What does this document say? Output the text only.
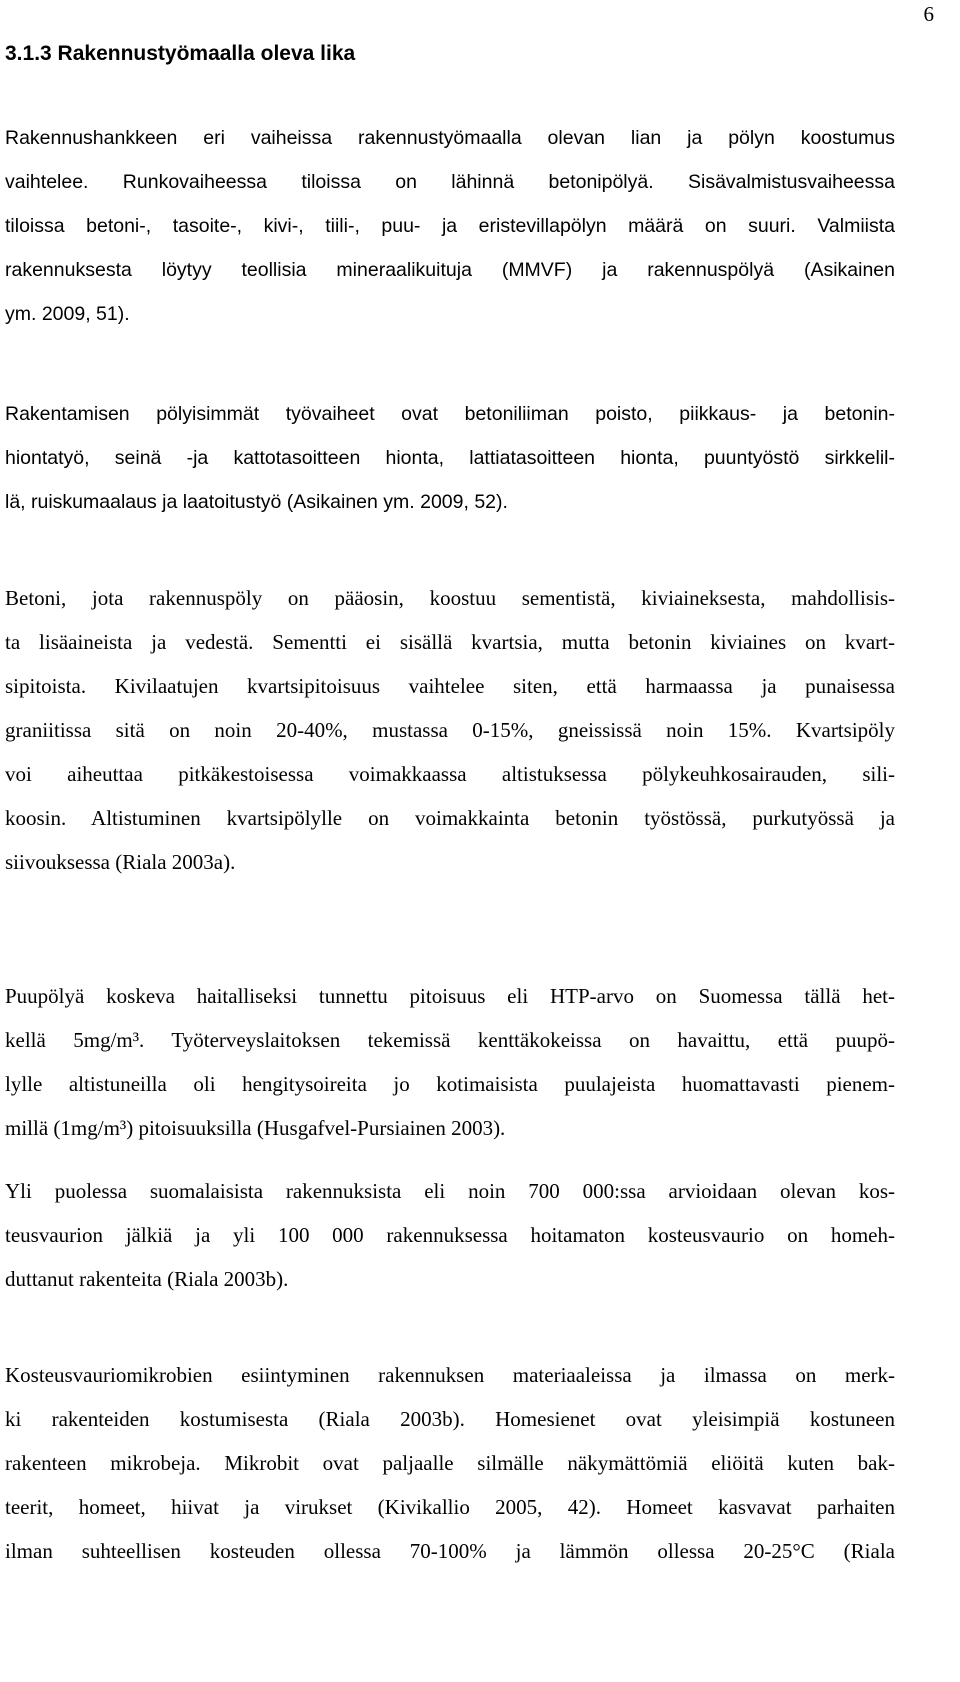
6
3.1.3 Rakennustyömaalla oleva lika

Rakennushankkeen eri vaiheissa rakennustyömaalla olevan lian ja pölyn koostumus
vaihtelee. Runkovaiheessa tiloissa on lähinnä betonipölyä. Sisävalmistusvaiheessa
tiloissa betoni-, tasoite-, kivi-, tiili-, puu- ja eristevillapölyn määrä on suuri. Valmiista
rakennuksesta löytyy teollisia mineraalikuituja (MMVF) ja rakennuspölyä (Asikainen
ym. 2009, 51).

Rakentamisen pölyisimmät työvaiheet ovat betoniliiman poisto, piikkaus- ja betonin-
hiontatyö, seinä -ja kattotasoitteen hionta, lattiatasoitteen hionta, puuntyöstö sirkkelil-
lä, ruiskumaalaus ja laatoitustyö (Asikainen ym. 2009, 52).

Betoni, jota rakennuspöly on pääosin, koostuu sementistä, kiviaineksesta, mahdollisis-
ta lisäaineista ja vedestä. Sementti ei sisällä kvartsia, mutta betonin kiviaines on kvart-
sipitoista. Kivilaatujen kvartsipitoisuus vaihtelee siten, että harmaassa ja punaisessa
graniitissa sitä on noin 20-40%, mustassa 0-15%, gneississä noin 15%. Kvartsipöly
voi aiheuttaa pitkäkestoisessa voimakkaassa altistuksessa pölykeuhkosairauden, sili-
koosin. Altistuminen kvartsipölylle on voimakkainta betonin työstössä, purkutyössä ja
siivouksessa (Riala 2003a).

Puupölyä koskeva haitalliseksi tunnettu pitoisuus eli HTP-arvo on Suomessa tällä het-
kellä 5mg/m³. Työterveyslaitoksen tekemissä kenttäkokeissa on havaittu, että puupö-
lylle altistuneilla oli hengitysoireita jo kotimaisista puulajeista huomattavasti pienem-
millä (1mg/m³) pitoisuuksilla (Husgafvel-Pursiainen 2003).

Yli puolessa suomalaisista rakennuksista eli noin 700 000:ssa arvioidaan olevan kos-
teusvaurion jälkiä ja yli 100 000 rakennuksessa hoitamaton kosteusvaurio on homeh-
duttanut rakenteita (Riala 2003b).

Kosteusvauriomikrobien esiintyminen rakennuksen materiaaleissa ja ilmassa on merk-
ki rakenteiden kostumisesta (Riala 2003b). Homesienet ovat yleisimpiä kostuneen
rakenteen mikrobeja. Mikrobit ovat paljaalle silmälle näkymättömiä eliöitä kuten bak-
teerit, homeet, hiivat ja virukset (Kivikallio 2005, 42). Homeet kasvavat parhaiten
ilman suhteellisen kosteuden ollessa 70-100% ja lämmön ollessa 20-25°C (Riala
